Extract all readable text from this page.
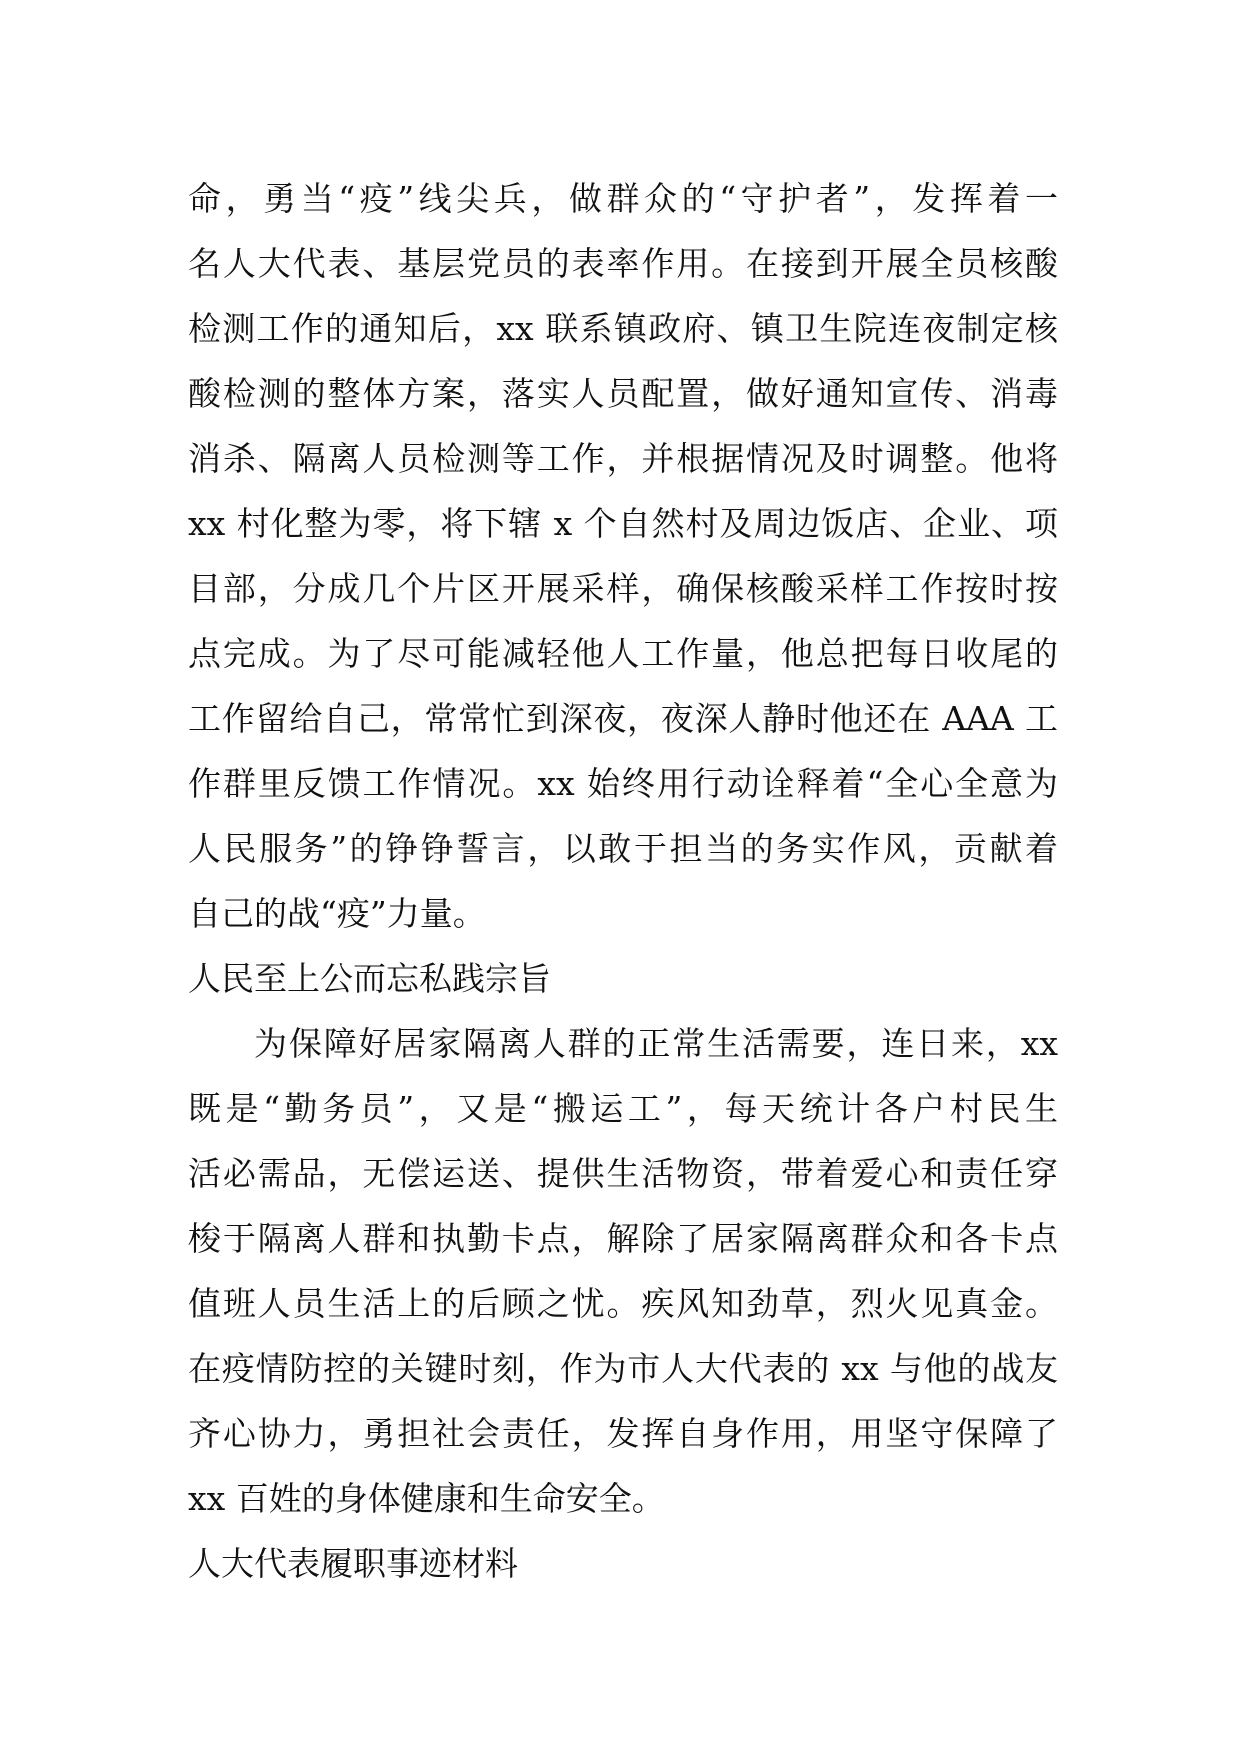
命，勇当“疫”线尖兵，做群众的“守护者”，发挥着一
名人大代表、基层党员的表率作用。在接到开展全员核酸
检测工作的通知后，xx 联系镇政府、镇卫生院连夜制定核
酸检测的整体方案，落实人员配置，做好通知宣传、消毒
消杀、隔离人员检测等工作，并根据情况及时调整。他将
xx 村化整为零，将下辖 x 个自然村及周边饭店、企业、项
目部，分成几个片区开展采样，确保核酸采样工作按时按
点完成。为了尽可能减轻他人工作量，他总把每日收尾的
工作留给自己，常常忙到深夜，夜深人静时他还在 AAA 工
作群里反馈工作情况。xx 始终用行动诠释着“全心全意为
人民服务”的铮铮誓言，以敢于担当的务实作风，贡献着
自己的战“疫”力量。

人民至上公而忘私践宗旨

为保障好居家隔离人群的正常生活需要，连日来，xx
既是“勤务员”，又是“搬运工”，每天统计各户村民生
活必需品，无偿运送、提供生活物资，带着爱心和责任穿
梭于隔离人群和执勤卡点，解除了居家隔离群众和各卡点
值班人员生活上的后顾之忧。疾风知劲草，烈火见真金。
在疫情防控的关键时刻，作为市人大代表的 xx 与他的战友
齐心协力，勇担社会责任，发挥自身作用，用坚守保障了
xx 百姓的身体健康和生命安全。

人大代表履职事迹材料
